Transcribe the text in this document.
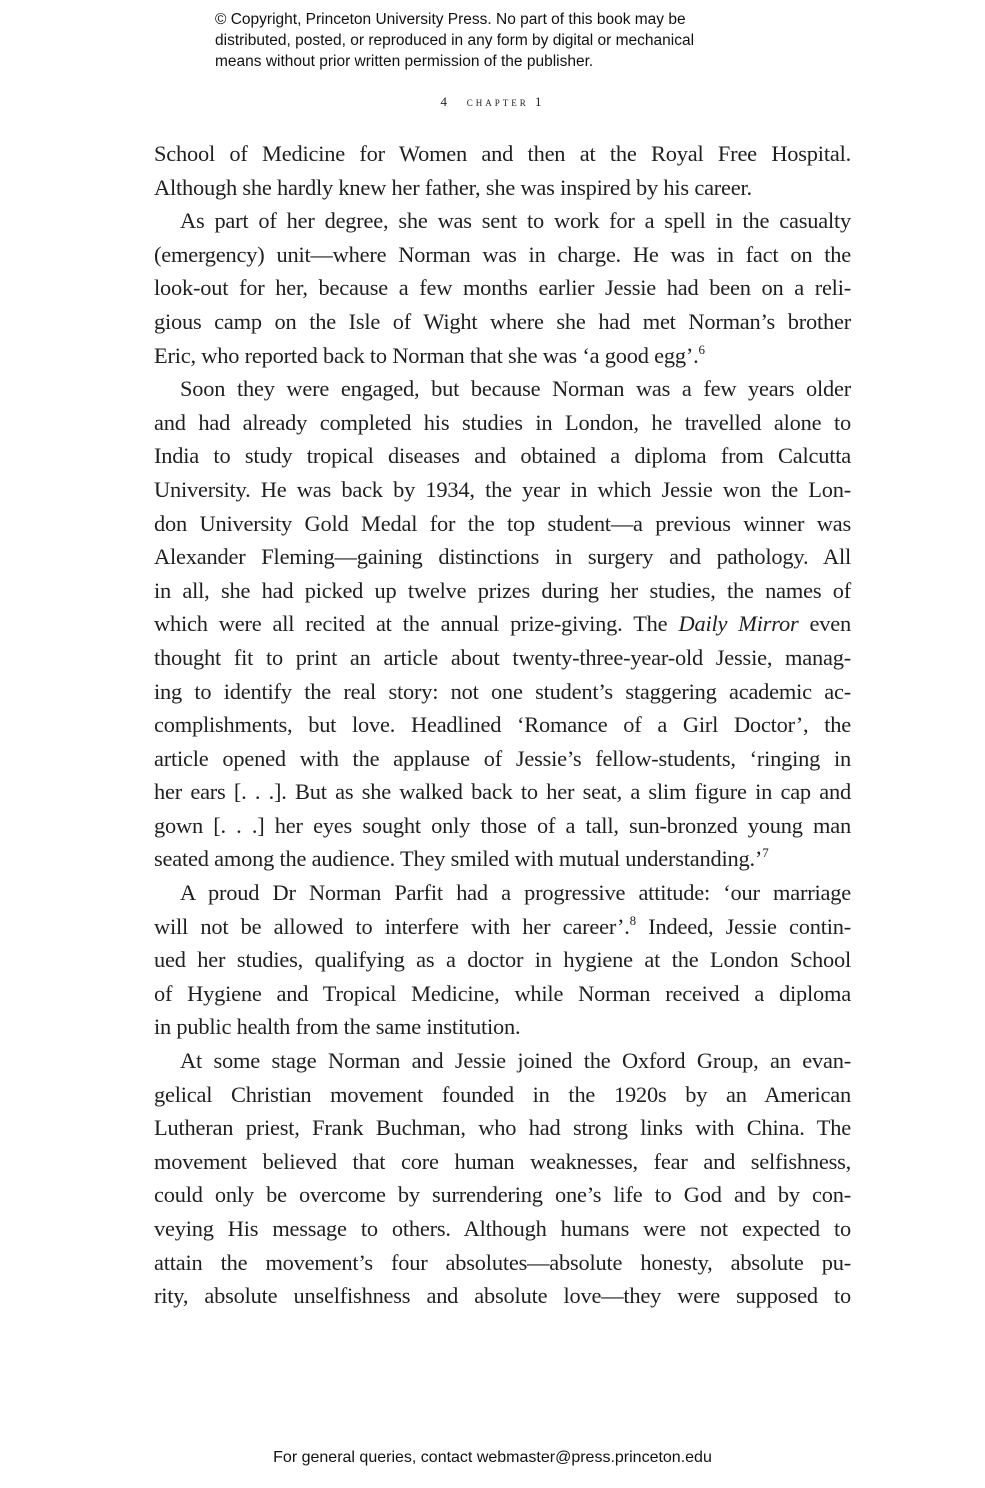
© Copyright, Princeton University Press. No part of this book may be
distributed, posted, or reproduced in any form by digital or mechanical
means without prior written permission of the publisher.
4 chapter 1
School of Medicine for Women and then at the Royal Free Hospital.
Although she hardly knew her father, she was inspired by his career.
As part of her degree, she was sent to work for a spell in the casualty
(emergency) unit—where Norman was in charge. He was in fact on the
look-out for her, because a few months earlier Jessie had been on a reli-
gious camp on the Isle of Wight where she had met Norman’s brother
Eric, who reported back to Norman that she was ‘a good egg’.$^6$
Soon they were engaged, but because Norman was a few years older
and had already completed his studies in London, he travelled alone to
India to study tropical diseases and obtained a diploma from Calcutta
University. He was back by 1934, the year in which Jessie won the Lon-
don University Gold Medal for the top student—a previous winner was
Alexander Fleming—gaining distinctions in surgery and pathology. All
in all, she had picked up twelve prizes during her studies, the names of
which were all recited at the annual prize-giving. The Daily Mirror even
thought fit to print an article about twenty-three-year-old Jessie, manag-
ing to identify the real story: not one student’s staggering academic ac-
complishments, but love. Headlined ‘Romance of a Girl Doctor’, the
article opened with the applause of Jessie’s fellow-students, ‘ringing in
her ears [. . .]. But as she walked back to her seat, a slim figure in cap and
gown [. . .] her eyes sought only those of a tall, sun-bronzed young man
seated among the audience. They smiled with mutual understanding.’$^7$
A proud Dr Norman Parfit had a progressive attitude: ‘our marriage
will not be allowed to interfere with her career’.$^8$ Indeed, Jessie contin-
ued her studies, qualifying as a doctor in hygiene at the London School
of Hygiene and Tropical Medicine, while Norman received a diploma
in public health from the same institution.
At some stage Norman and Jessie joined the Oxford Group, an evan-
gelical Christian movement founded in the 1920s by an American
Lutheran priest, Frank Buchman, who had strong links with China. The
movement believed that core human weaknesses, fear and selfishness,
could only be overcome by surrendering one’s life to God and by con-
veying His message to others. Although humans were not expected to
attain the movement’s four absolutes—absolute honesty, absolute pu-
rity, absolute unselfishness and absolute love—they were supposed to
For general queries, contact webmaster@press.princeton.edu
